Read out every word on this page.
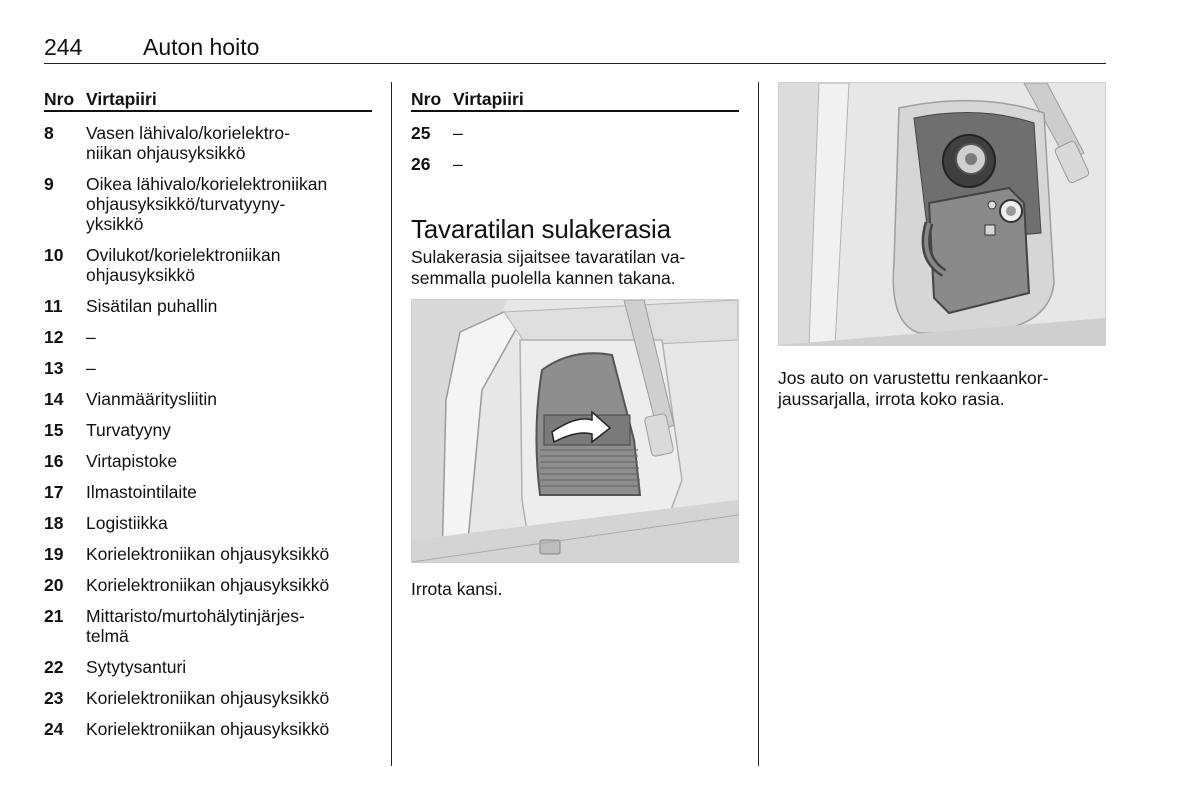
244	Auton hoito
Nro Virtapiiri
8 Vasen lähivalo/korielektro-
niikan ohjausyksikkö
9 Oikea lähivalo/korielektroniikan
ohjausyksikkö/turvatyyny-
yksikkö
10 Ovilukot/korielektroniikan
ohjausyksikkö
11 Sisätilan puhallin
12 –
13 –
14 Vianmääritysliitin
15 Turvatyyny
16 Virtapistoke
17 Ilmastointilaite
18 Logistiikka
19 Korielektroniikan ohjausyksikkö
20 Korielektroniikan ohjausyksikkö
21 Mittaristo/murtohälytinjärjes-
telmä
22 Sytytysanturi
23 Korielektroniikan ohjausyksikkö
24 Korielektroniikan ohjausyksikkö
Nro Virtapiiri
25 –
26 –
Tavaratilan sulakerasia

Sulakerasia sijaitsee tavaratilan va-
semmalla puolella kannen takana.

Irrota kansi.

Jos auto on varustettu renkaankor-
jaussarjalla, irrota koko rasia.
